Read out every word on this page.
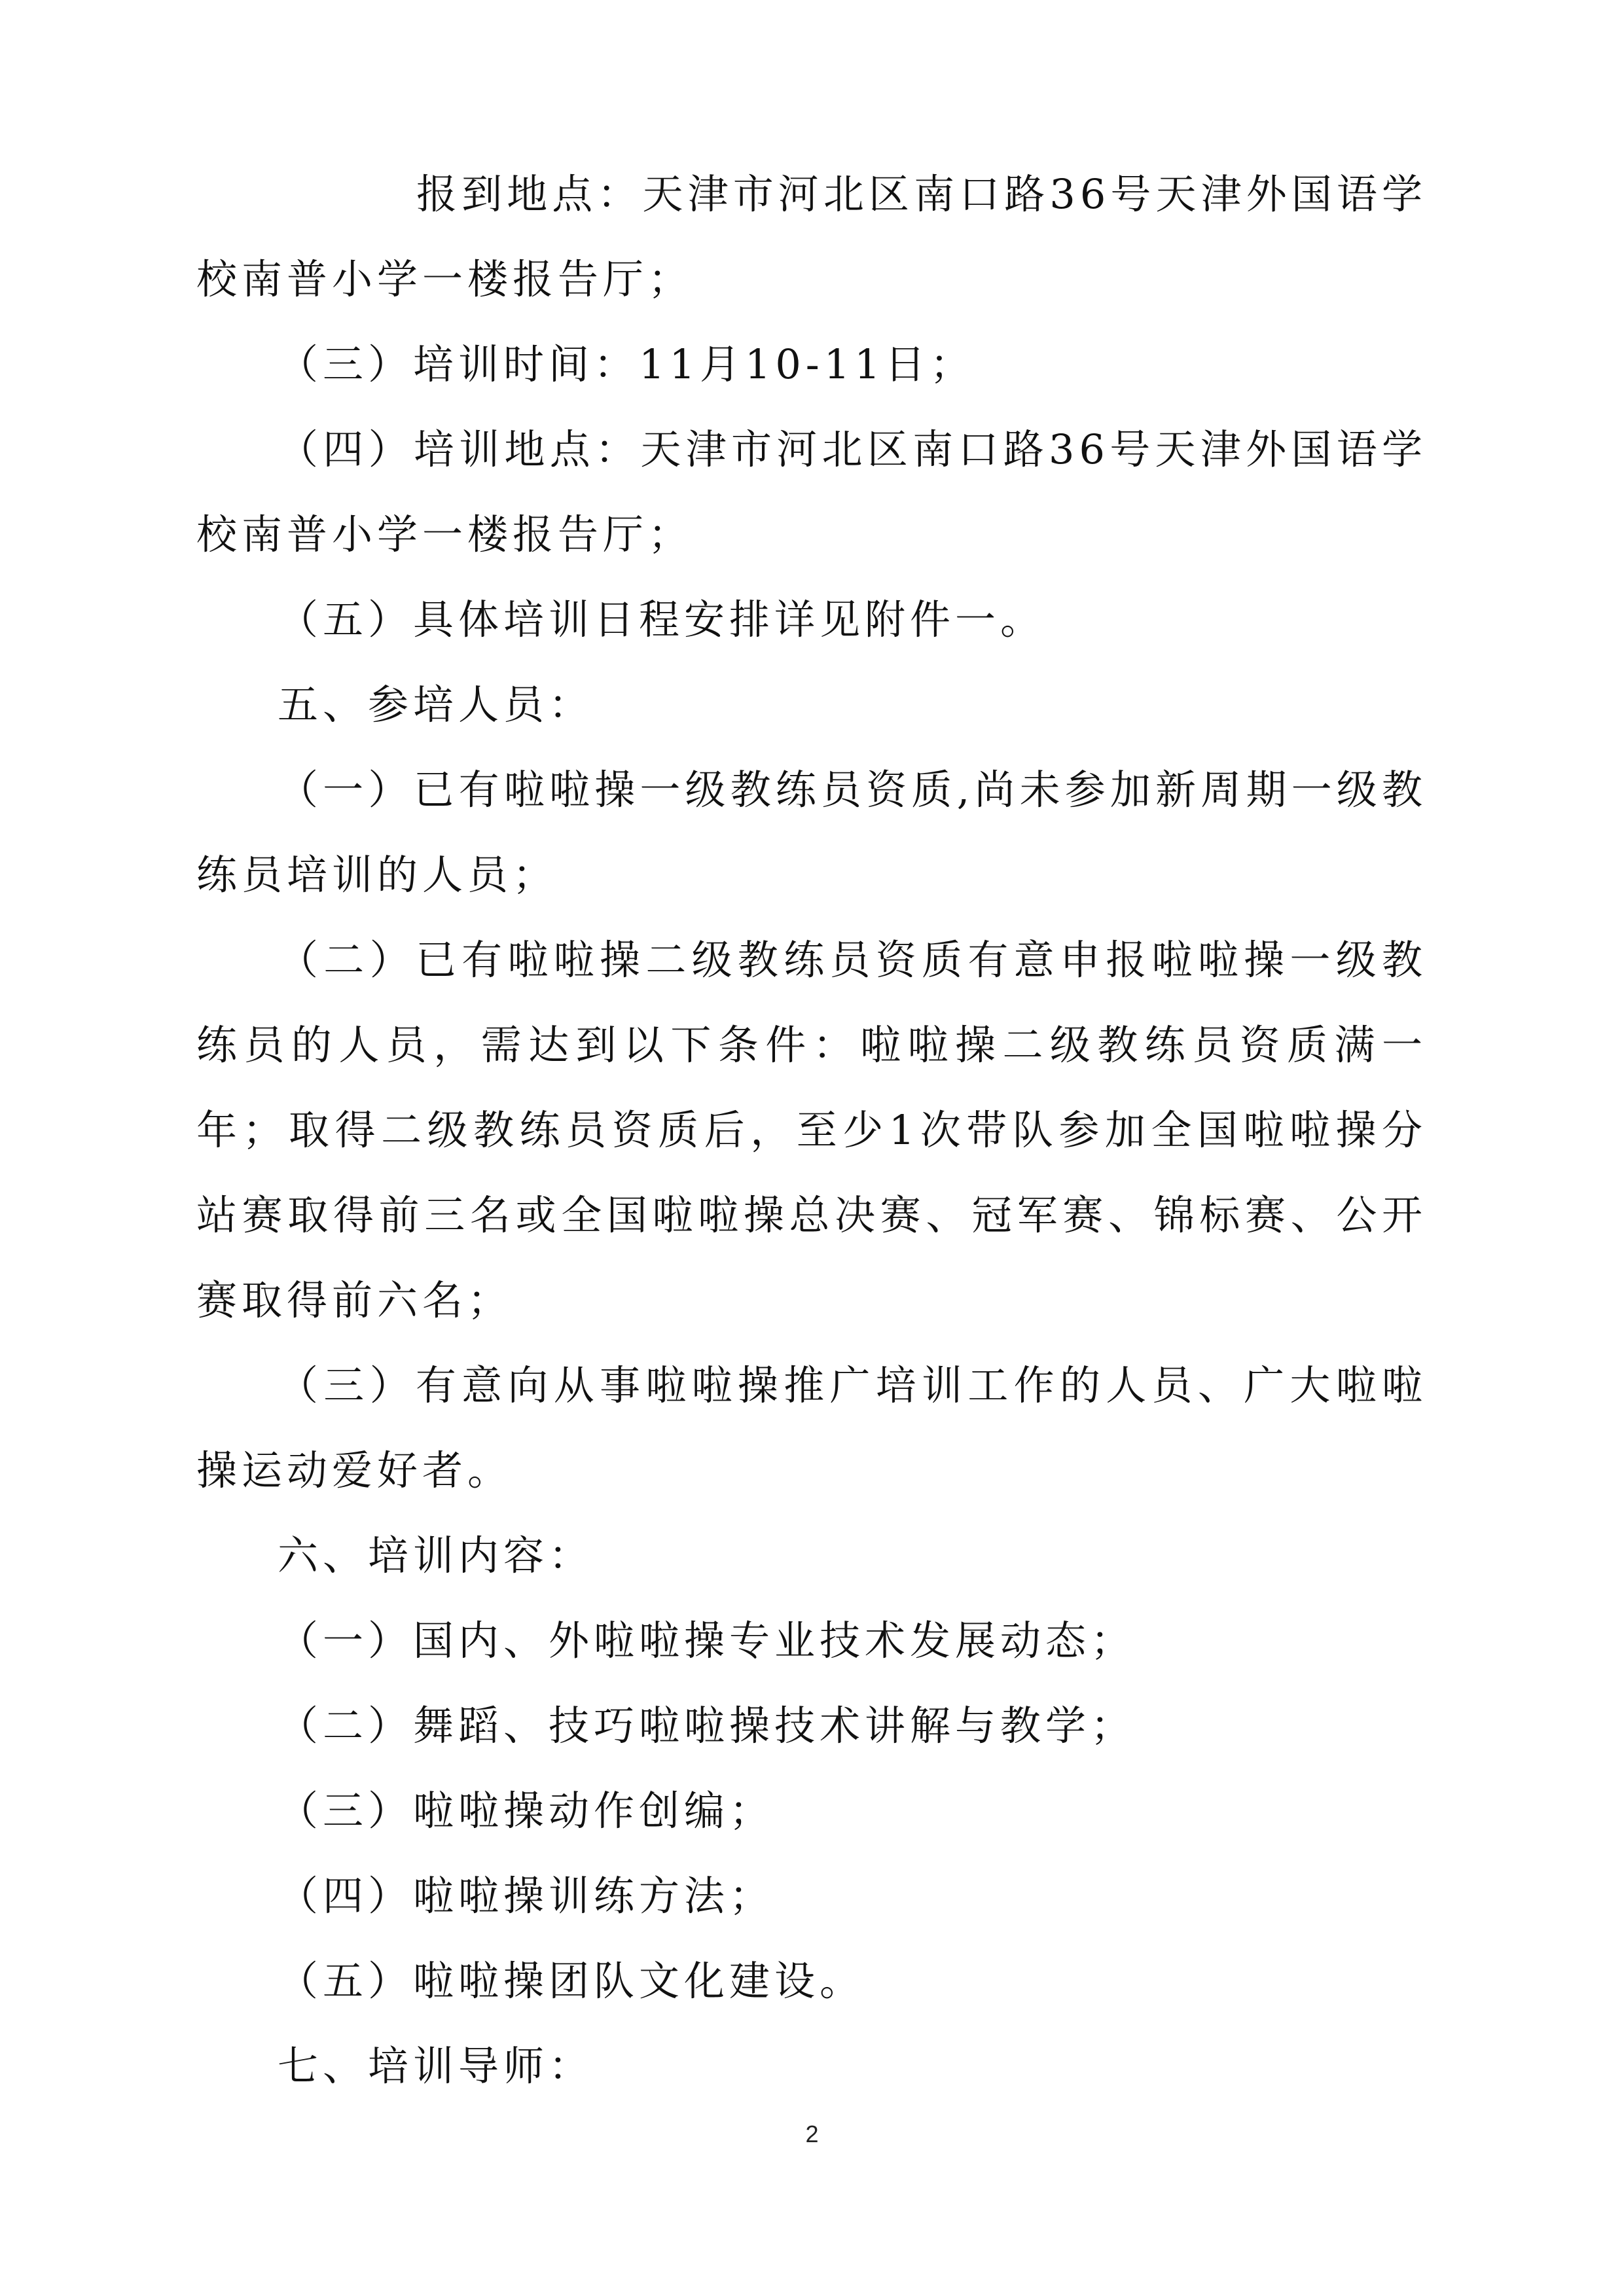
报到地点：天津市河北区南口路36号天津外国语学校南普小学一楼报告厅；

（三）培训时间：11月10-11日；

（四）培训地点：天津市河北区南口路36号天津外国语学校南普小学一楼报告厅；

（五）具体培训日程安排详见附件一。

五、参培人员：

（一）已有啦啦操一级教练员资质,尚未参加新周期一级教练员培训的人员；

（二）已有啦啦操二级教练员资质有意申报啦啦操一级教练员的人员，需达到以下条件：啦啦操二级教练员资质满一年；取得二级教练员资质后，至少1次带队参加全国啦啦操分站赛取得前三名或全国啦啦操总决赛、冠军赛、锦标赛、公开赛取得前六名；

（三）有意向从事啦啦操推广培训工作的人员、广大啦啦操运动爱好者。

六、培训内容：

（一）国内、外啦啦操专业技术发展动态；

（二）舞蹈、技巧啦啦操技术讲解与教学；

（三）啦啦操动作创编；

（四）啦啦操训练方法；

（五）啦啦操团队文化建设。

七、培训导师：

2
